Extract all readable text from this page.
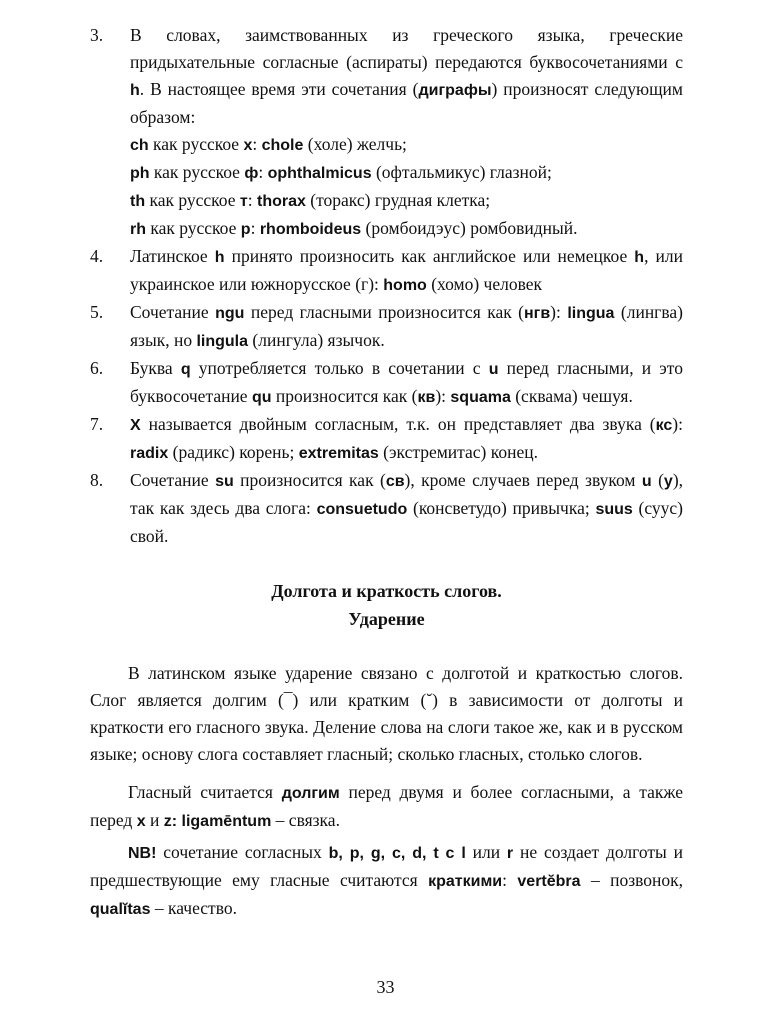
3. В словах, заимствованных из греческого языка, греческие придыхательные согласные (аспираты) передаются буквосочетаниями с h. В настоящее время эти сочетания (диграфы) произносят следующим образом:
ch как русское х: chole (холе) желчь;
ph как русское ф: ophthalmicus (офтальмикус) глазной;
th как русское т: thorax (торакс) грудная клетка;
rh как русское р: rhomboideus (ромбоидэус) ромбовидный.
4. Латинское h принято произносить как английское или немецкое h, или украинское или южнорусское (г): homo (хомо) человек
5. Сочетание ngu перед гласными произносится как (нгв): lingua (лингва) язык, но lingula (лингула) язычок.
6. Буква q употребляется только в сочетании с u перед гласными, и это буквосочетание qu произносится как (кв): squama (сквама) чешуя.
7. X называется двойным согласным, т.к. он представляет два звука (кс): radix (радикс) корень; extremitas (экстремитас) конец.
8. Сочетание su произносится как (св), кроме случаев перед звуком u (у), так как здесь два слога: consuetudo (консветудо) привычка; suus (суус) свой.
Долгота и краткость слогов.
Ударение

В латинском языке ударение связано с долготой и краткостью слогов. Слог является долгим (¯) или кратким (˘) в зависимости от долготы и краткости его гласного звука. Деление слова на слоги такое же, как и в русском языке; основу слога составляет гласный; сколько гласных, столько слогов.

Гласный считается долгим перед двумя и более согласными, а также перед х и z: ligamēntum – связка.

NB! сочетание согласных b, p, g, c, d, t c l или r не создает долготы и предшествующие ему гласные считаются краткими: vertĕbra – позвонок, qualĭtas – качество.

33
